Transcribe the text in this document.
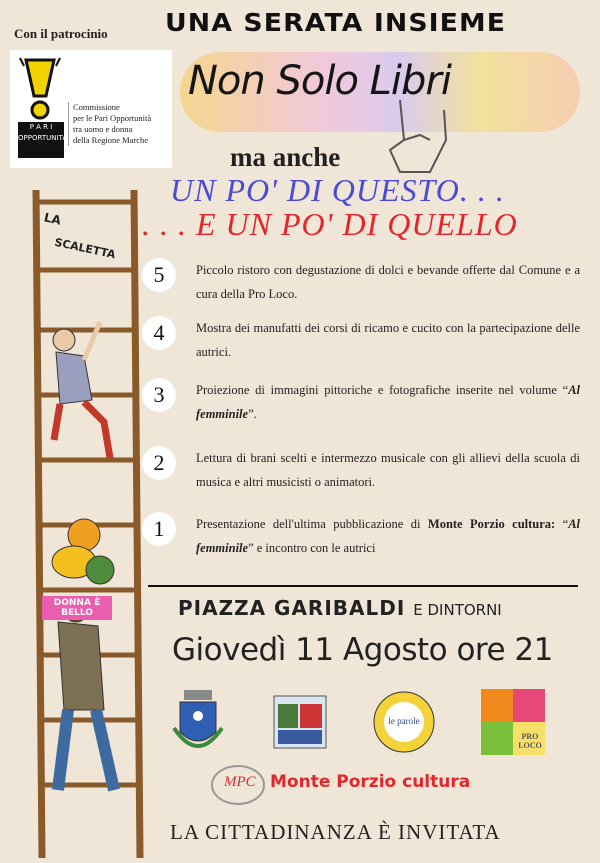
Con il patrocinio UNA SERATA INSIEME
P A R I
OPPORTUNITA'
Commissione
per le Pari Opportunità
tra uomo e donna
della Regione Marche
Non Solo Libri
ma anche
UN PO' DI QUESTO. . .
. . . E UN PO' DI QUELLO
LA
SCALETTA
DONNA È BELLO
5	Piccolo ristoro con degustazione di dolci e bevande offerte dal Comune e a cura della Pro Loco.
4	Mostra dei manufatti dei corsi di ricamo e cucito con la partecipazione delle autrici.
3	Proiezione di immagini pittoriche e fotografiche inserite nel volume “Al femminile”.
2	Lettura di brani scelti e intermezzo musicale con gli allievi della scuola di musica e altri musicisti o animatori.
1	Presentazione dell'ultima pubblicazione di Monte Porzio cultura: “Al femminile” e incontro con le autrici
PIAZZA GARIBALDI E DINTORNI
Giovedì 11 Agosto ore 21
le parole
PRO LOCO
MPC Monte Porzio cultura
LA CITTADINANZA È INVITATA
